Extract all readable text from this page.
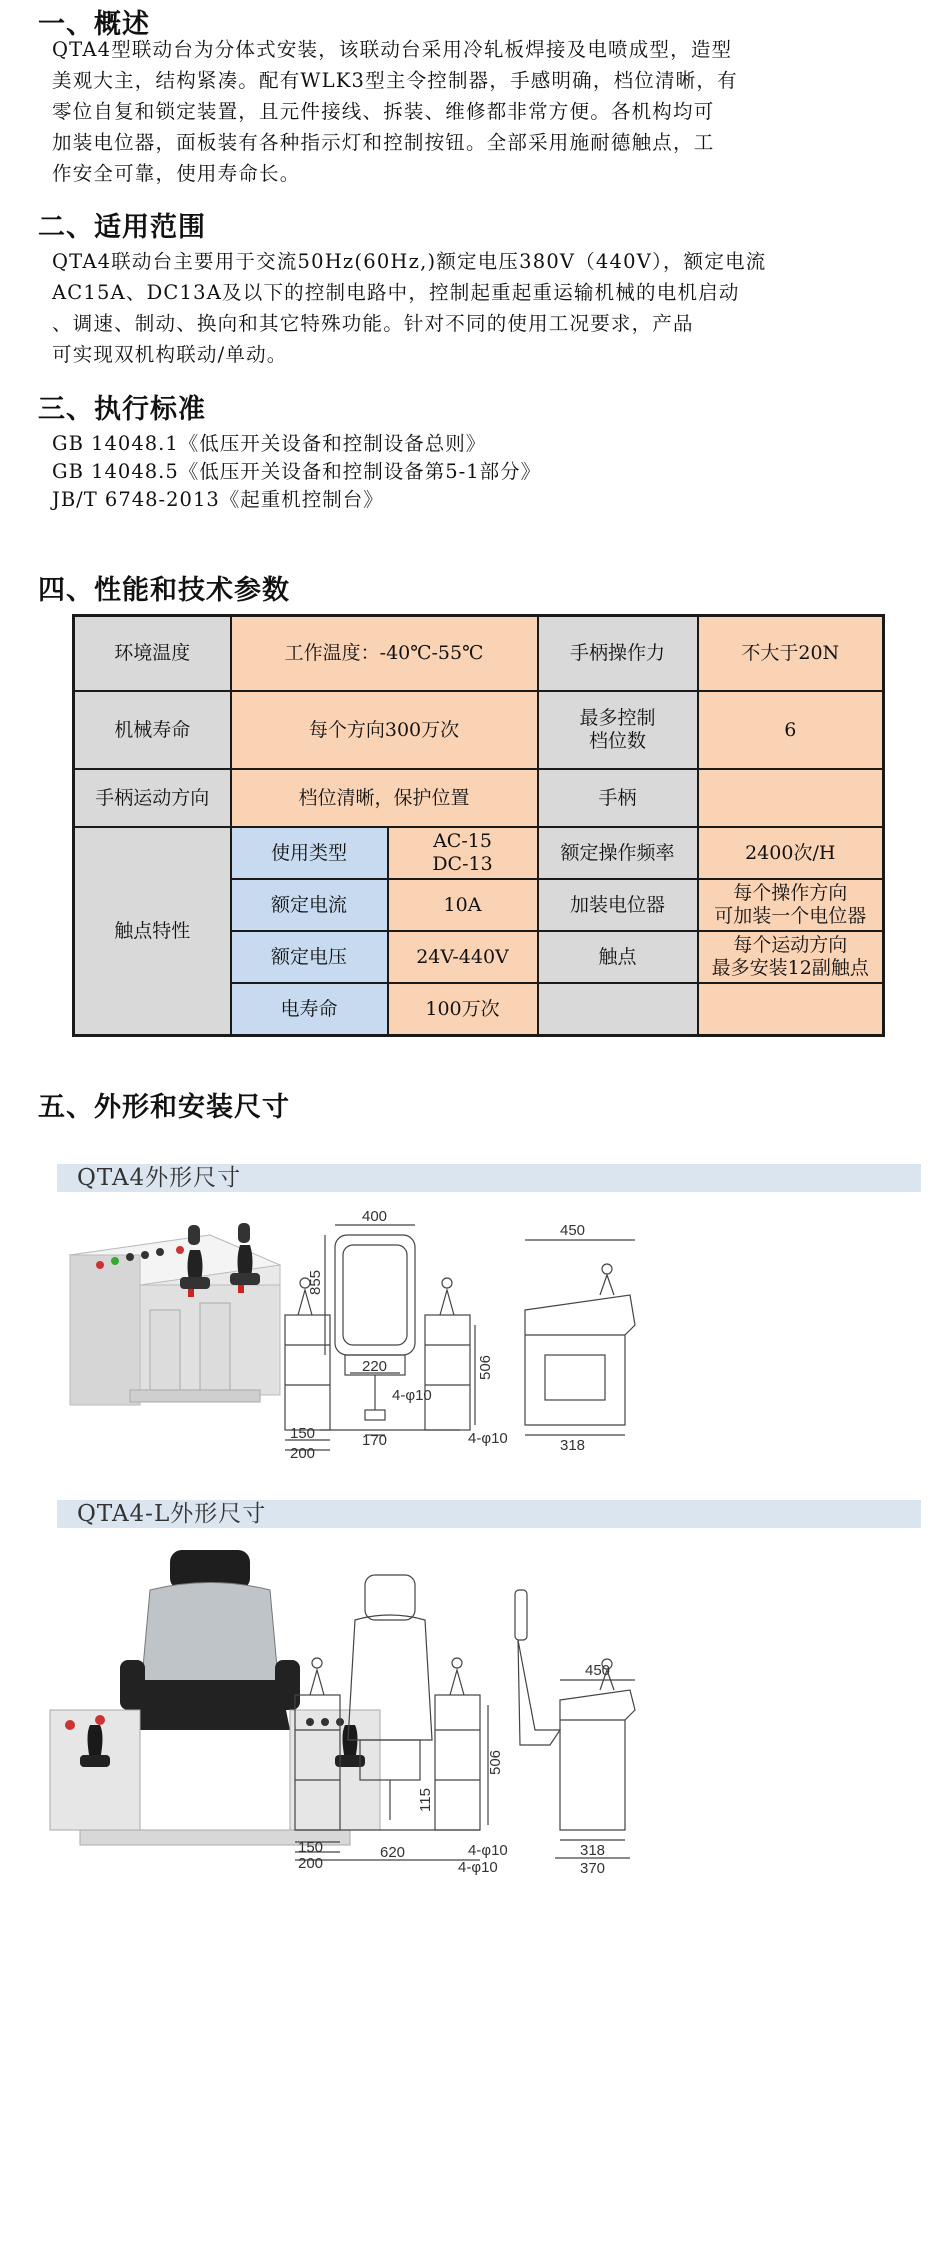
一、概述
QTA4型联动台为分体式安装，该联动台采用冷轧板焊接及电喷成型，造型
美观大主，结构紧凑。配有WLK3型主令控制器，手感明确，档位清晰，有
零位自复和锁定装置，且元件接线、拆装、维修都非常方便。各机构均可
加装电位器，面板装有各种指示灯和控制按钮。全部采用施耐德触点，工
作安全可靠，使用寿命长。
二、适用范围
QTA4联动台主要用于交流50Hz(60Hz,)额定电压380V（440V），额定电流
AC15A、DC13A及以下的控制电路中，控制起重起重运输机械的电机启动
、调速、制动、换向和其它特殊功能。针对不同的使用工况要求，产品
可实现双机构联动/单动。
三、执行标准
GB 14048.1《低压开关设备和控制设备总则》
GB 14048.5《低压开关设备和控制设备第5-1部分》
JB/T 6748-2013《起重机控制台》
四、性能和技术参数
环境温度	工作温度：-40℃-55℃		手柄操作力	不大于20N
机械寿命	每个方向300万次		最多控制
档位数	6
手柄运动方向	档位清晰，保护位置		手柄	
触点特性	使用类型	AC-15
DC-13	额定操作频率	2400次/H
	额定电流	10A	加装电位器	每个操作方向
可加装一个电位器

	额定电压	24V-440V	触点	每个运动方向
最多安装12副触点

	电寿命	100万次		
五、外形和安装尺寸
QTA4外形尺寸
400
855
220
4-φ10
150
200
170	4-φ10
506
450
318
QTA4-L外形尺寸
506
115
150
200
620	4-φ10
4-φ10
450
318
370
